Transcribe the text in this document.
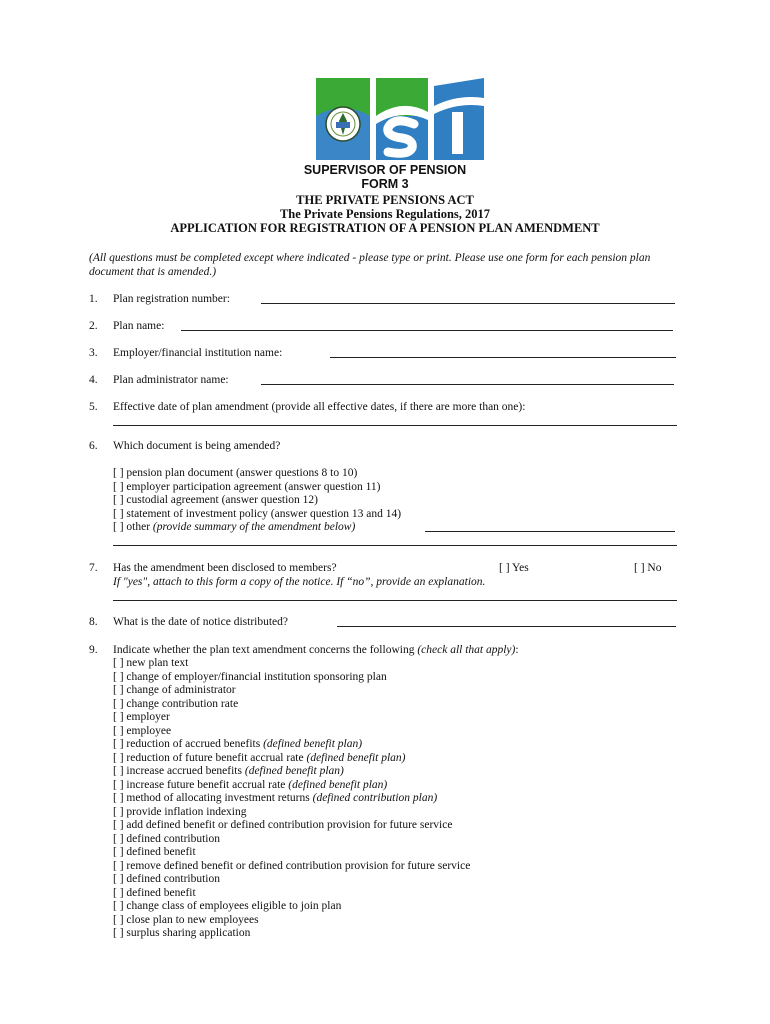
SUPERVISOR OF PENSION
FORM 3
THE PRIVATE PENSIONS ACT
The Private Pensions Regulations, 2017
APPLICATION FOR REGISTRATION OF A PENSION PLAN AMENDMENT
(All questions must be completed except where indicated - please type or print. Please use one form for each pension plan document that is amended.)
1.	Plan registration number:
2.	Plan name:
3.	Employer/financial institution name:
4.	Plan administrator name:
5.	Effective date of plan amendment (provide all effective dates, if there are more than one):
6.	Which document is being amended?
[ ] pension plan document (answer questions 8 to 10)
[ ] employer participation agreement (answer question 11)
[ ] custodial agreement (answer question 12)
[ ] statement of investment policy (answer question 13 and 14)
[ ] other (provide summary of the amendment below)
7.	Has the amendment been disclosed to members?	[ ] Yes	[ ] No
If "yes", attach to this form a copy of the notice. If “no”, provide an explanation.
8.	What is the date of notice distributed?
9.	Indicate whether the plan text amendment concerns the following (check all that apply):
[ ] new plan text
[ ] change of employer/financial institution sponsoring plan
[ ] change of administrator
[ ] change contribution rate
[ ] employer
[ ] employee
[ ] reduction of accrued benefits (defined benefit plan)
[ ] reduction of future benefit accrual rate (defined benefit plan)
[ ] increase accrued benefits (defined benefit plan)
[ ] increase future benefit accrual rate (defined benefit plan)
[ ] method of allocating investment returns (defined contribution plan)
[ ] provide inflation indexing
[ ] add defined benefit or defined contribution provision for future service
[ ] defined contribution
[ ] defined benefit
[ ] remove defined benefit or defined contribution provision for future service
[ ] defined contribution
[ ] defined benefit
[ ] change class of employees eligible to join plan
[ ] close plan to new employees
[ ] surplus sharing application
